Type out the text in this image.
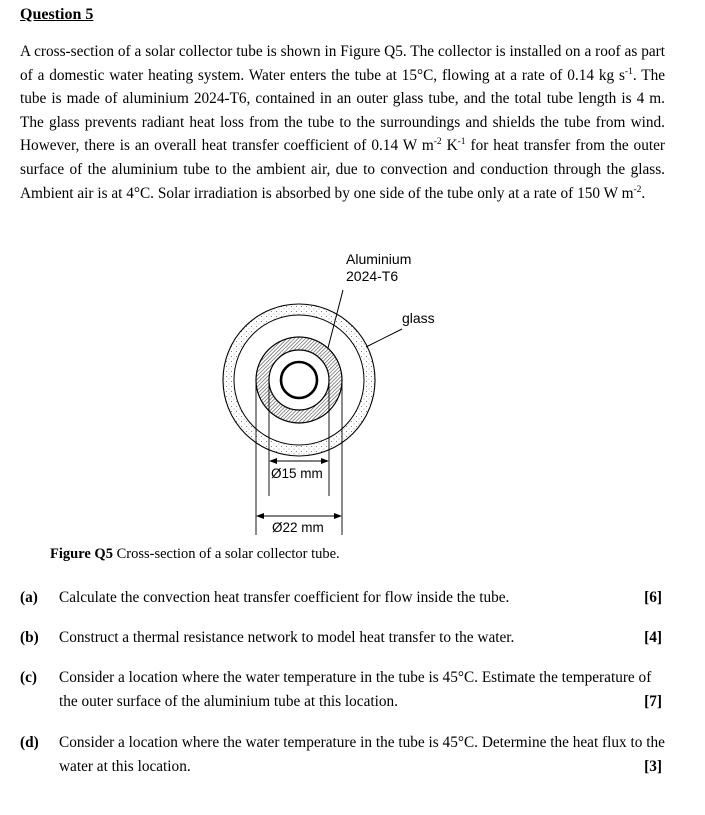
Question 5

A cross-section of a solar collector tube is shown in Figure Q5. The collector is installed on a roof as part of a domestic water heating system. Water enters the tube at 15°C, flowing at a rate of 0.14 kg $s^{-1}$. The tube is made of aluminium 2024-T6, contained in an outer glass tube, and the total tube length is 4 m. The glass prevents radiant heat loss from the tube to the surroundings and shields the tube from wind. However, there is an overall heat transfer coefficient of 0.14 W $m^{-2}$ $K^{-1}$ for heat transfer from the outer surface of the aluminium tube to the ambient air, due to convection and conduction through the glass. Ambient air is at 4°C. Solar irradiation is absorbed by one side of the tube only at a rate of 150 W $m^{-2}$.

Aluminium
2024-T6
glass
Ø15 mm
Ø22 mm
Figure Q5 Cross-section of a solar collector tube.
(a) Calculate the convection heat transfer coefficient for flow inside the tube.	[6]
(b) Construct a thermal resistance network to model heat transfer to the water.	[4]
(c) Consider a location where the water temperature in the tube is 45°C. Estimate the temperature of the outer surface of the aluminium tube at this location.	[7]
(d) Consider a location where the water temperature in the tube is 45°C. Determine the heat flux to the water at this location.	[3]
